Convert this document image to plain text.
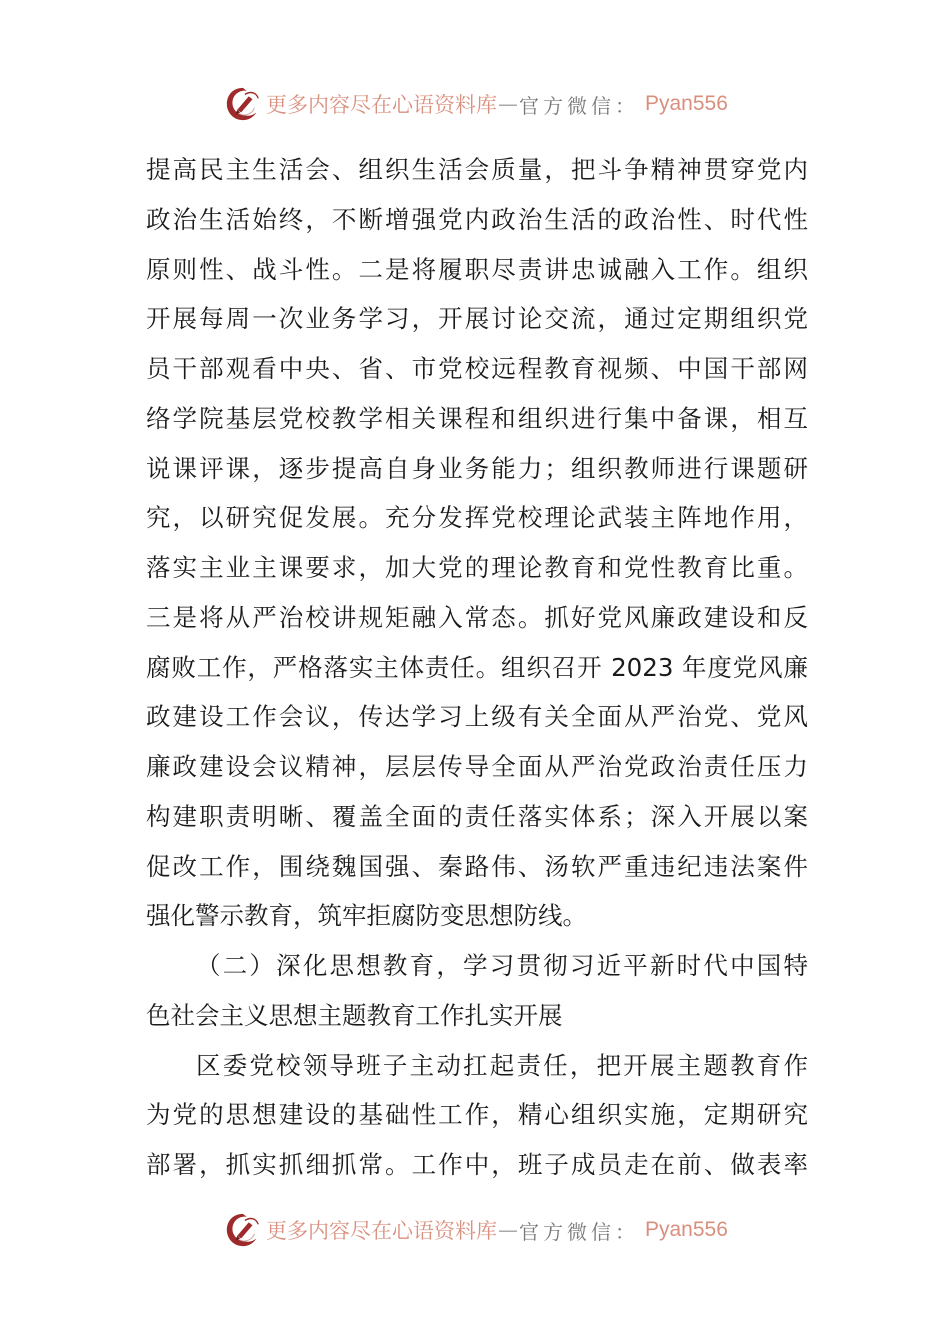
更多内容尽在心语资料库 — 官方微信： Pyan556
提高民主生活会、组织生活会质量，把斗争精神贯穿党内
政治生活始终，不断增强党内政治生活的政治性、时代性
原则性、战斗性。二是将履职尽责讲忠诚融入工作。组织
开展每周一次业务学习，开展讨论交流，通过定期组织党
员干部观看中央、省、市党校远程教育视频、中国干部网
络学院基层党校教学相关课程和组织进行集中备课，相互
说课评课，逐步提高自身业务能力；组织教师进行课题研
究，以研究促发展。充分发挥党校理论武装主阵地作用，
落实主业主课要求，加大党的理论教育和党性教育比重。
三是将从严治校讲规矩融入常态。抓好党风廉政建设和反
腐败工作，严格落实主体责任。组织召开 2023 年度党风廉
政建设工作会议，传达学习上级有关全面从严治党、党风
廉政建设会议精神，层层传导全面从严治党政治责任压力
构建职责明晰、覆盖全面的责任落实体系；深入开展以案
促改工作，围绕魏国强、秦路伟、汤软严重违纪违法案件
强化警示教育，筑牢拒腐防变思想防线。
（二）深化思想教育，学习贯彻习近平新时代中国特
色社会主义思想主题教育工作扎实开展
区委党校领导班子主动扛起责任，把开展主题教育作
为党的思想建设的基础性工作，精心组织实施，定期研究
部署，抓实抓细抓常。工作中，班子成员走在前、做表率
更多内容尽在心语资料库 — 官方微信： Pyan556
